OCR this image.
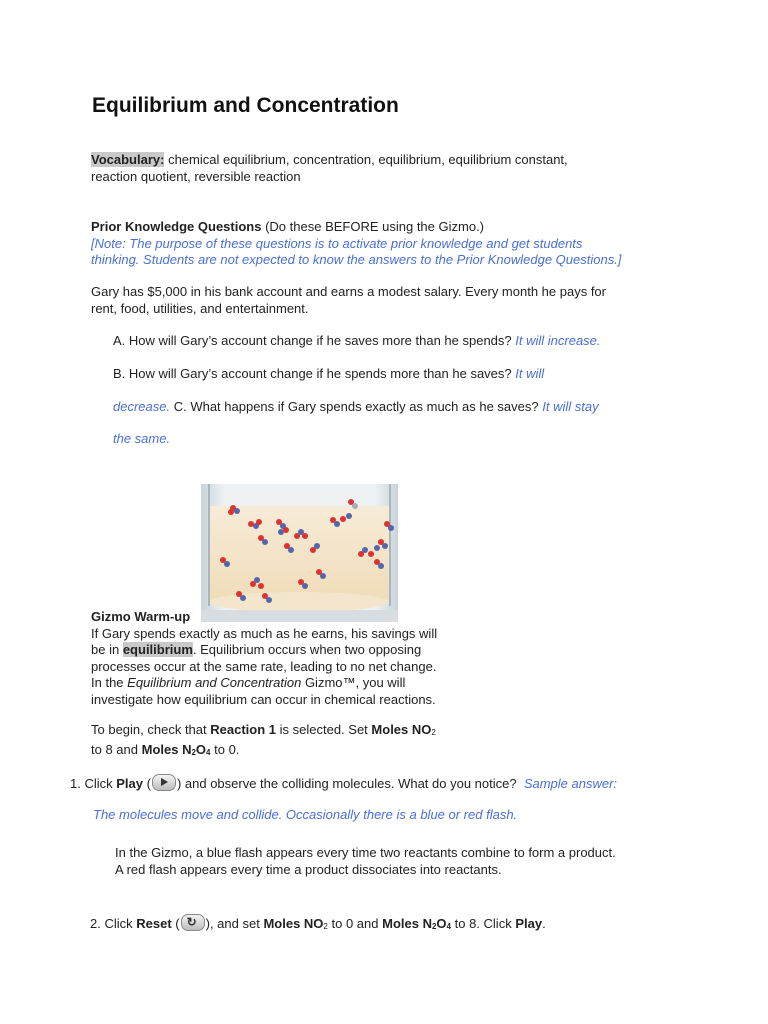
Equilibrium and Concentration
Vocabulary: chemical equilibrium, concentration, equilibrium, equilibrium constant,
reaction quotient, reversible reaction
Prior Knowledge Questions (Do these BEFORE using the Gizmo.)
[Note: The purpose of these questions is to activate prior knowledge and get students
thinking. Students are not expected to know the answers to the Prior Knowledge Questions.]
Gary has $5,000 in his bank account and earns a modest salary. Every month he pays for
rent, food, utilities, and entertainment.
A. How will Gary’s account change if he saves more than he spends? It will increase.
B. How will Gary’s account change if he spends more than he saves? It will
decrease. C. What happens if Gary spends exactly as much as he saves? It will stay
the same.
Gizmo Warm-up
If Gary spends exactly as much as he earns, his savings will
be in equilibrium. Equilibrium occurs when two opposing
processes occur at the same rate, leading to no net change.
In the Equilibrium and Concentration Gizmo™, you will
investigate how equilibrium can occur in chemical reactions.
To begin, check that Reaction 1 is selected. Set Moles NO2
to 8 and Moles N2O4 to 0.
1. Click Play ( ) and observe the colliding molecules. What do you notice? Sample answer:
The molecules move and collide. Occasionally there is a blue or red flash.
In the Gizmo, a blue flash appears every time two reactants combine to form a product.
A red flash appears every time a product dissociates into reactants.
2. Click Reset ( ↻ ), and set Moles NO2 to 0 and Moles N2O4 to 8. Click Play.
